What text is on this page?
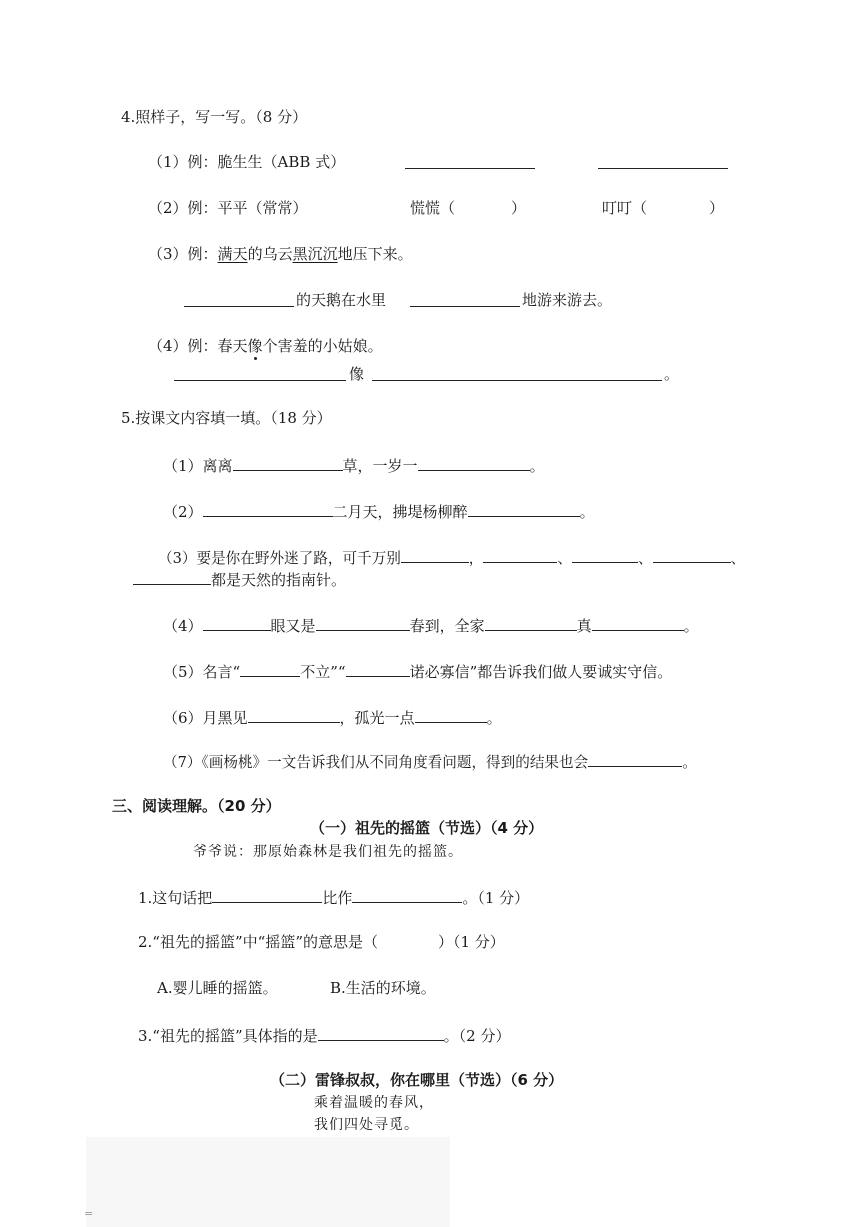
4.照样子，写一写。（8 分）
（1）例：脆生生（ABB 式）
（2）例：平平（常常）	慌慌（	）	叮叮（	）
（3）例：满天的乌云黑沉沉地压下来。
的天鹅在水里	地游来游去。
（4）例：春天像个害羞的小姑娘。
像	。
5.按课文内容填一填。（18 分）
（1）离离	草，一岁一	。
（2）	二月天，拂堤杨柳醉	。
（3）要是你在野外迷了路，可千万别	，	、	、	、
都是天然的指南针。
（4）	眼又是	春到，全家	真	。
（5）名言“	不立”“	诺必寡信”都告诉我们做人要诚实守信。
（6）月黑见	，孤光一点	。
（7）《画杨桃》一文告诉我们从不同角度看问题，得到的结果也会	。
三、阅读理解。（20 分）
（一）祖先的摇篮（节选）（4 分）
爷爷说：那原始森林是我们祖先的摇篮。
1.这句话把	比作	。（1 分）
2.“祖先的摇篮”中“摇篮”的意思是（	）（1 分）
A.婴儿睡的摇篮。	B.生活的环境。
3.“祖先的摇篮”具体指的是	。（2 分）
（二）雷锋叔叔，你在哪里（节选）（6 分）
乘着温暖的春风，
我们四处寻觅。
=
